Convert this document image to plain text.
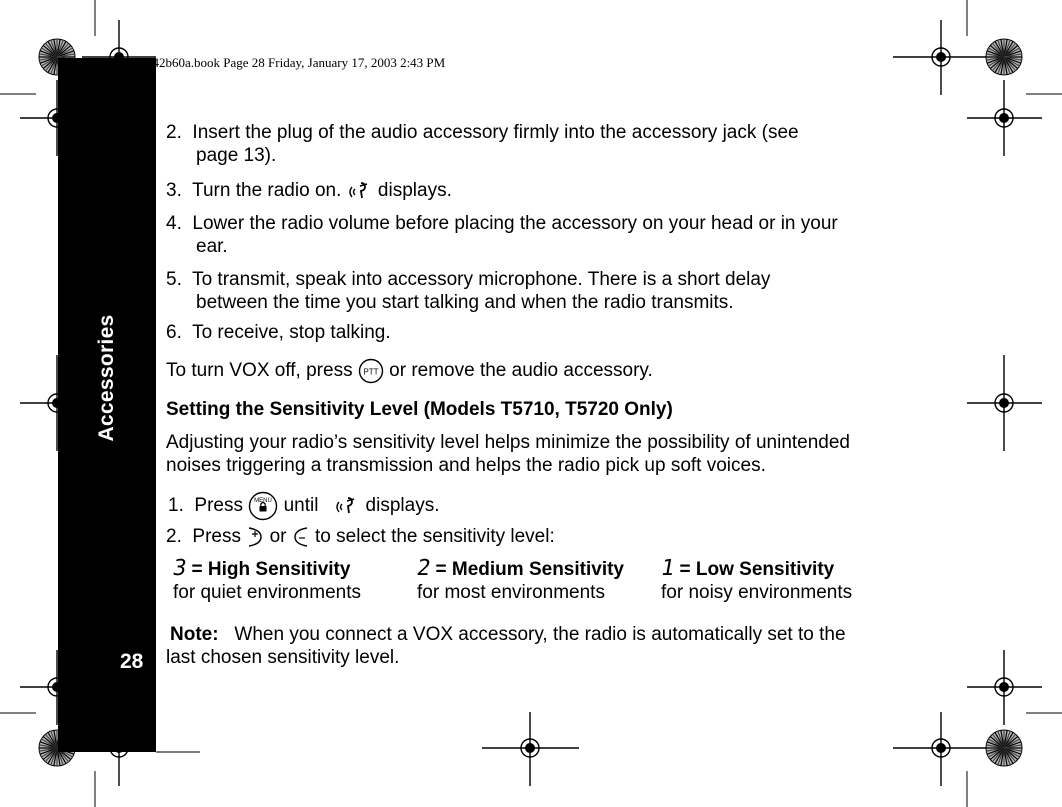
Accessories
28
042b60a.book Page 28 Friday, January 17, 2003 2:43 PM
2. Insert the plug of the audio accessory firmly into the accessory jack (see
page 13).
3. Turn the radio on. displays.
4. Lower the radio volume before placing the accessory on your head or in your
ear.
5. To transmit, speak into accessory microphone. There is a short delay
between the time you start talking and when the radio transmits.
6. To receive, stop talking.
To turn VOX off, press PTT or remove the audio accessory.
Setting the Sensitivity Level (Models T5710, T5720 Only)
Adjusting your radio’s sensitivity level helps minimize the possibility of unintended
noises triggering a transmission and helps the radio pick up soft voices.
1. Press MENU until displays.
2. Press or to select the sensitivity level:
3 = High Sensitivity
for quiet environments
2 = Medium Sensitivity
for most environments
1 = Low Sensitivity
for noisy environments
Note: When you connect a VOX accessory, the radio is automatically set to the
last chosen sensitivity level.
